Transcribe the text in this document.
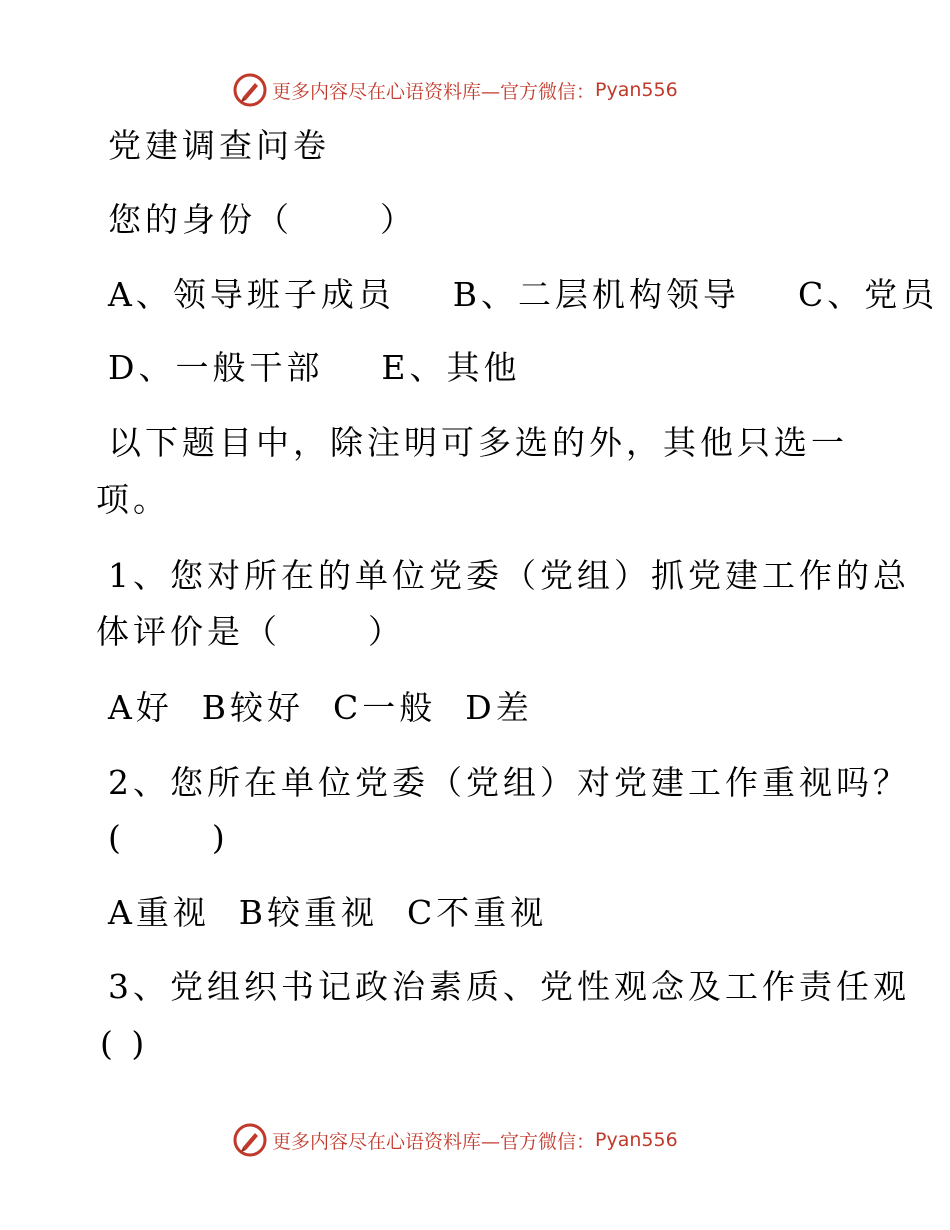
更多内容尽在心语资料库—官方微信： Pyan556
党建调查问卷
您的身份（      ）
A、领导班子成员    B、二层机构领导    C、党员
D、一般干部    E、其他
以下题目中，除注明可多选的外，其他只选一
项。
1、您对所在的单位党委（党组）抓党建工作的总
体评价是（      ）
A好  B较好  C一般  D差
2、您所在单位党委（党组）对党建工作重视吗？
(      )
A重视  B较重视  C不重视
3、党组织书记政治素质、党性观念及工作责任观
( )
更多内容尽在心语资料库—官方微信： Pyan556
